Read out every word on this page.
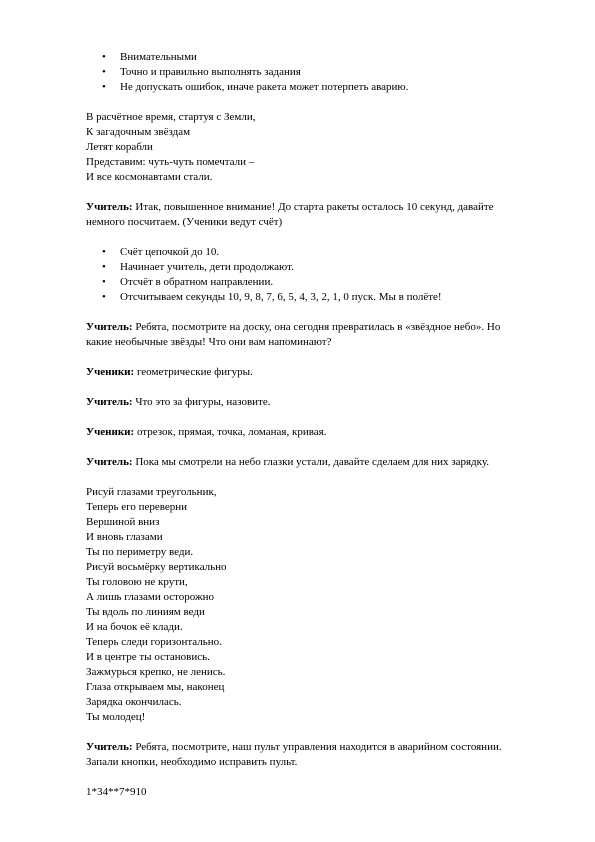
• Внимательными
• Точно и правильно выполнять задания
• Не допускать ошибок, иначе ракета может потерпеть аварию.

В расчётное время, стартуя с Земли,

К загадочным звёздам

Летят корабли

Представим: чуть-чуть помечтали –

И все космонавтами стали.

Учитель: Итак, повышенное внимание! До старта ракеты осталось 10 секунд, давайте

немного посчитаем. (Ученики ведут счёт)

• Счёт цепочкой до 10.
• Начинает учитель, дети продолжают.
• Отсчёт в обратном направлении.
• Отсчитываем секунды 10, 9, 8, 7, 6, 5, 4, 3, 2, 1, 0 пуск. Мы в полёте!

Учитель: Ребята, посмотрите на доску, она сегодня превратилась в «звёздное небо». Но

какие необычные звёзды! Что они вам напоминают?

Ученики: геометрические фигуры.

Учитель: Что это за фигуры, назовите.

Ученики: отрезок, прямая, точка, ломаная, кривая.

Учитель: Пока мы смотрели на небо глазки устали, давайте сделаем для них зарядку.

Рисуй глазами треугольник,

Теперь его переверни

Вершиной вниз

И вновь глазами

Ты по периметру веди.

Рисуй восьмёрку вертикально

Ты головою не крути,

А лишь глазами осторожно

Ты вдоль по линиям веди

И на бочок её клади.

Теперь следи горизонтально.

И в центре ты остановись.

Зажмурься крепко, не ленись.

Глаза открываем мы, наконец

Зарядка окончилась.

Ты молодец!

Учитель: Ребята, посмотрите, наш пульт управления находится в аварийном состоянии.

Запали кнопки, необходимо исправить пульт.

1*34**7*910
